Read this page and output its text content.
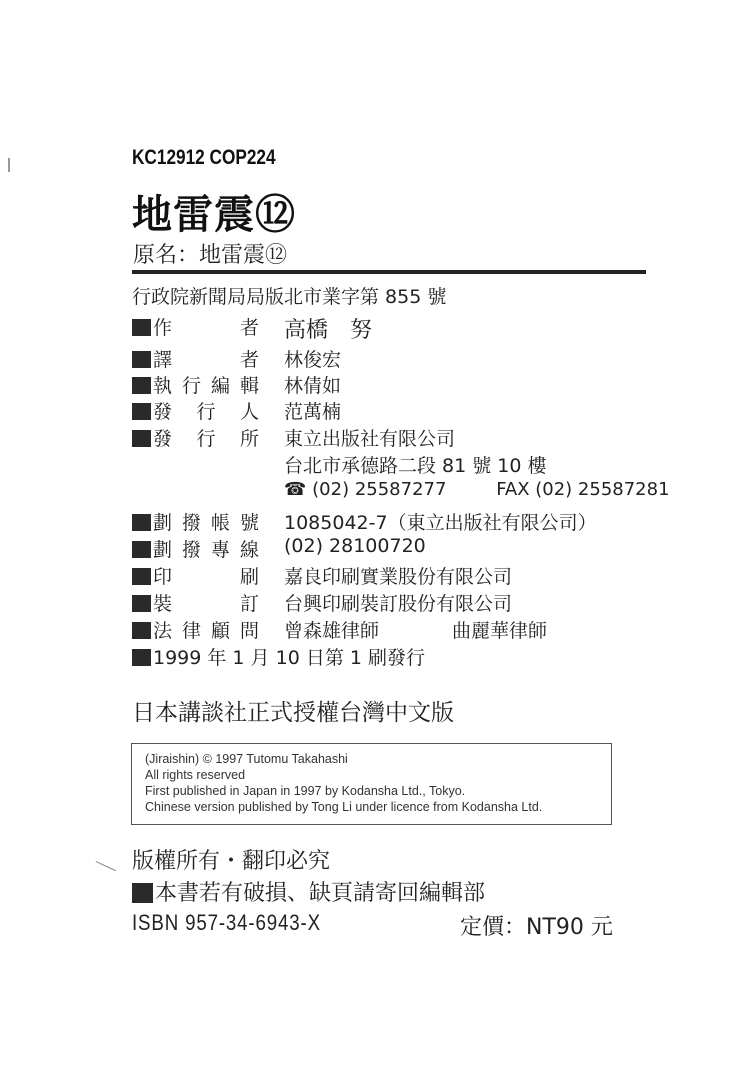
KC12912 COP224
地雷震⑫
原名：地雷震⑫
行政院新聞局局版北市業字第 855 號
作　者 高橋　努
譯　者 林俊宏
執行編輯 林倩如
發行人 范萬楠
發行所 東立出版社有限公司
台北市承德路二段 81 號 10 樓
☎ (02) 25587277	FAX (02) 25587281
劃撥帳號 1085042-7（東立出版社有限公司）
劃撥專線 (02) 28100720
印　刷 嘉良印刷實業股份有限公司
裝　訂 台興印刷裝訂股份有限公司
法律顧問 曾森雄律師	曲麗華律師
1999 年 1 月 10 日第 1 刷發行
日本講談社正式授權台灣中文版
(Jiraishin) © 1997 Tutomu Takahashi
All rights reserved
First published in Japan in 1997 by Kodansha Ltd., Tokyo.
Chinese version published by Tong Li under licence from Kodansha Ltd.
版權所有・翻印必究
本書若有破損、缺頁請寄回編輯部
ISBN 957-34-6943-X	定價：NT90 元
